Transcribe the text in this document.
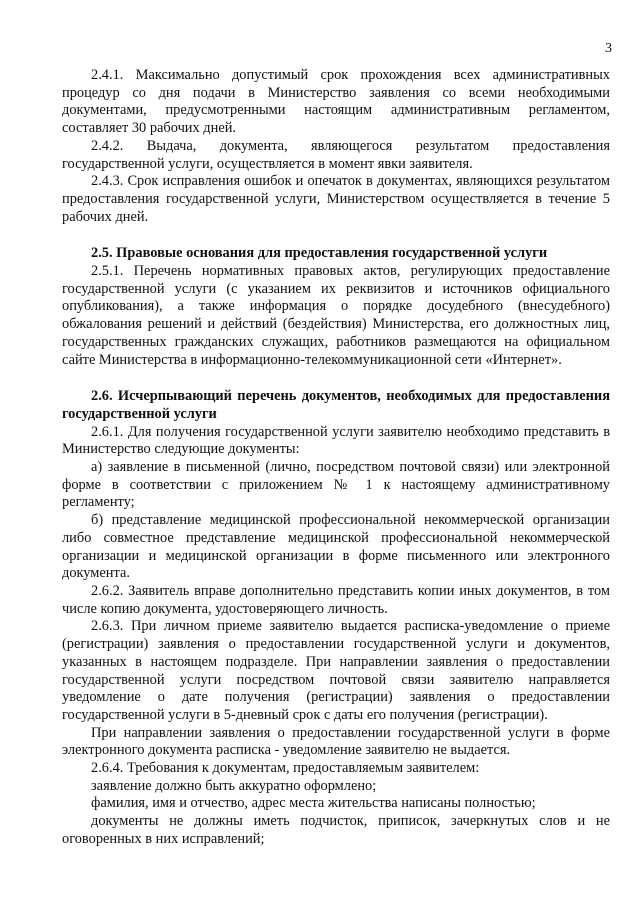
3

2.4.1. Максимально допустимый срок прохождения всех административных процедур со дня подачи в Министерство заявления со всеми необходимыми документами, предусмотренными настоящим административным регламентом, составляет 30 рабочих дней.

2.4.2. Выдача, документа, являющегося результатом предоставления государственной услуги, осуществляется в момент явки заявителя.

2.4.3. Срок исправления ошибок и опечаток в документах, являющихся результатом предоставления государственной услуги, Министерством осуществляется в течение 5 рабочих дней.

2.5. Правовые основания для предоставления государственной услуги

2.5.1. Перечень нормативных правовых актов, регулирующих предоставление государственной услуги (с указанием их реквизитов и источников официального опубликования), а также информация о порядке досудебного (внесудебного) обжалования решений и действий (бездействия) Министерства, его должностных лиц, государственных гражданских служащих, работников размещаются на официальном сайте Министерства в информационно-телекоммуникационной сети «Интернет».

2.6. Исчерпывающий перечень документов, необходимых для предоставления государственной услуги

2.6.1. Для получения государственной услуги заявителю необходимо представить в Министерство следующие документы:

а) заявление в письменной (лично, посредством почтовой связи) или электронной форме в соответствии с приложением № 1 к настоящему административному регламенту;

б) представление медицинской профессиональной некоммерческой организации либо совместное представление медицинской профессиональной некоммерческой организации и медицинской организации в форме письменного или электронного документа.

2.6.2. Заявитель вправе дополнительно представить копии иных документов, в том числе копию документа, удостоверяющего личность.

2.6.3. При личном приеме заявителю выдается расписка-уведомление о приеме (регистрации) заявления о предоставлении государственной услуги и документов, указанных в настоящем подразделе. При направлении заявления о предоставлении государственной услуги посредством почтовой связи заявителю направляется уведомление о дате получения (регистрации) заявления о предоставлении государственной услуги в 5-дневный срок с даты его получения (регистрации).

При направлении заявления о предоставлении государственной услуги в форме электронного документа расписка - уведомление заявителю не выдается.

2.6.4. Требования к документам, предоставляемым заявителем:

заявление должно быть аккуратно оформлено;

фамилия, имя и отчество, адрес места жительства написаны полностью;

документы не должны иметь подчисток, приписок, зачеркнутых слов и не оговоренных в них исправлений;
